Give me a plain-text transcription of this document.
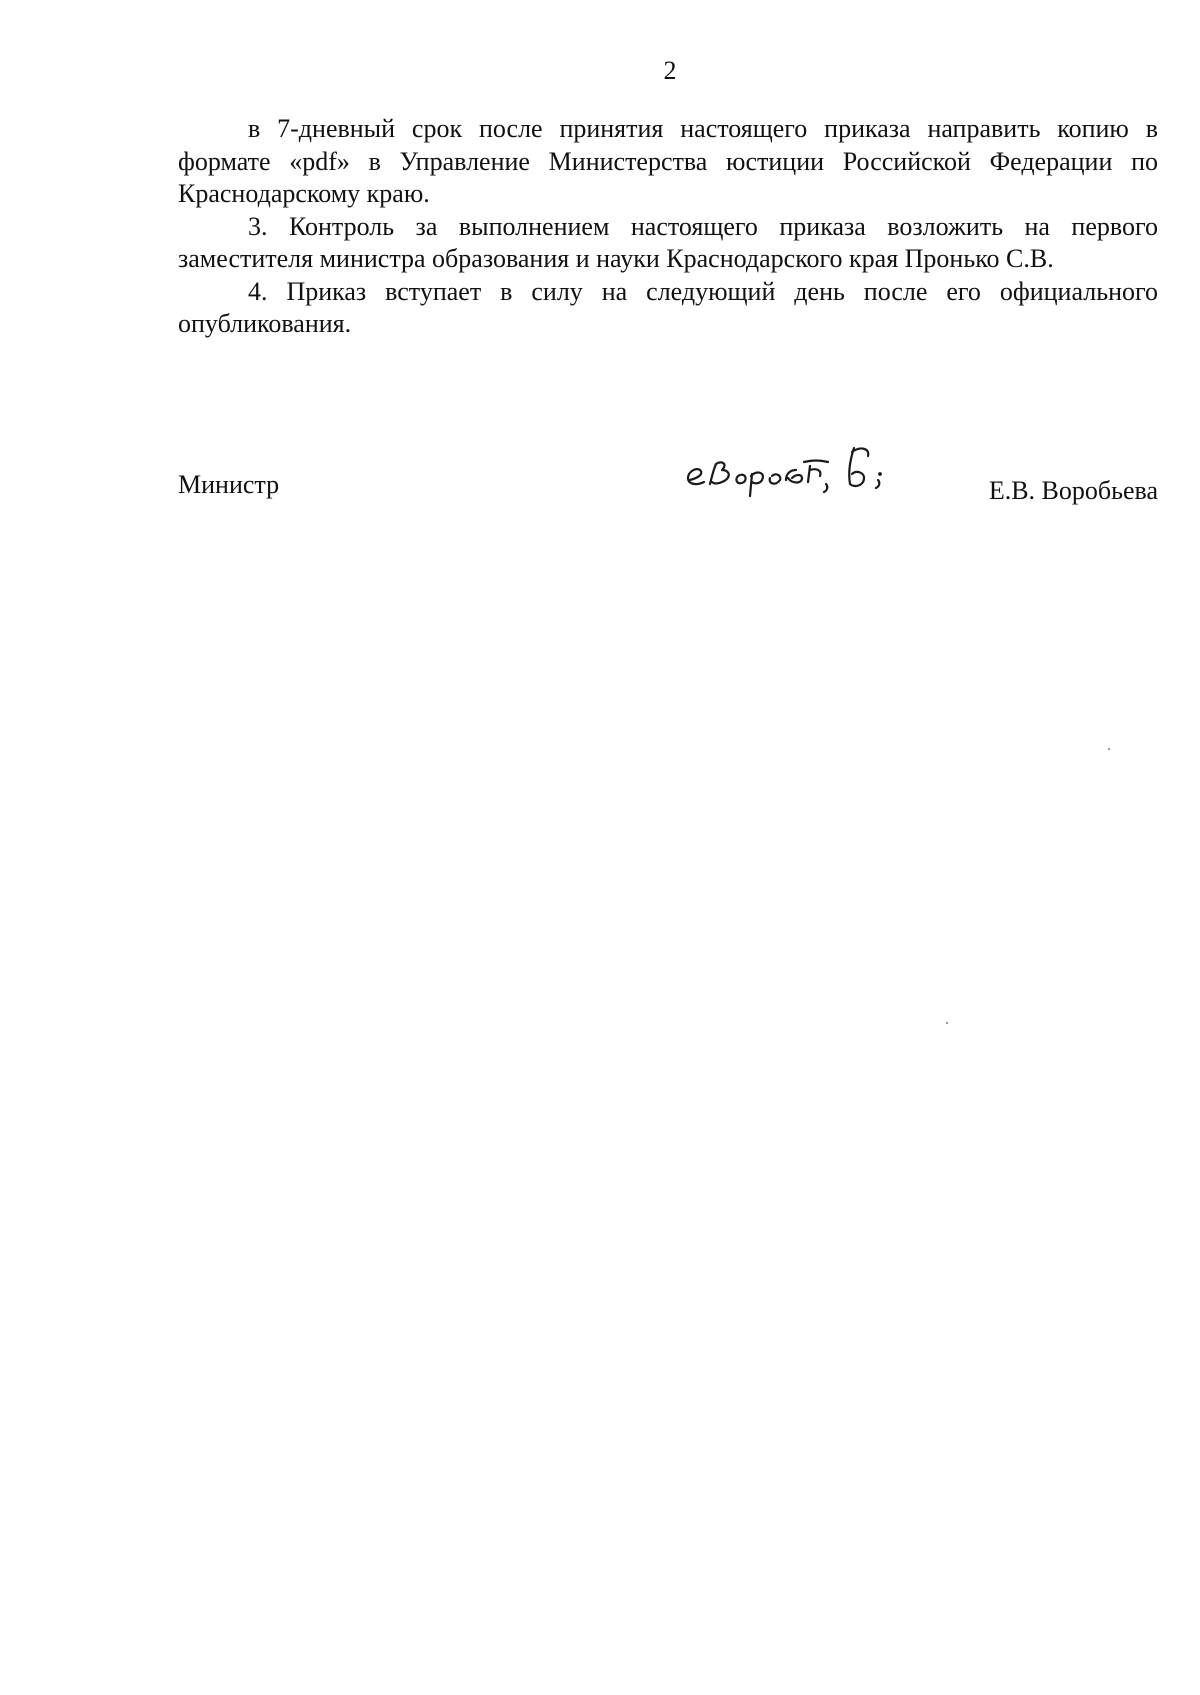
2

в 7-дневный срок после принятия настоящего приказа направить копию в формате «pdf» в Управление Министерства юстиции Российской Федерации по Краснодарскому краю.

3. Контроль за выполнением настоящего приказа возложить на первого заместителя министра образования и науки Краснодарского края Пронько С.В.

4. Приказ вступает в силу на следующий день после его официального опубликования.

Министр	Е.В. Воробьева
